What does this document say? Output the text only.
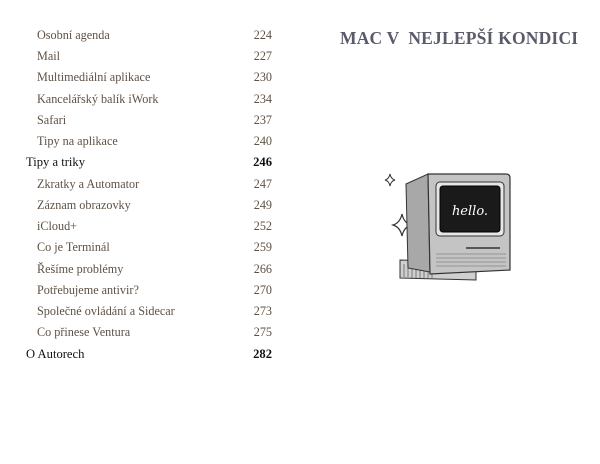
Osobní agenda	224
Mail	227
Multimediální aplikace	230
Kancelářský balík iWork	234
Safari	237
Tipy na aplikace	240
Tipy a triky	246
Zkratky a Automator	247
Záznam obrazovky	249
iCloud+	252
Co je Terminál	259
Řešíme problémy	266
Potřebujeme antivir?	270
Společné ovládání a Sidecar	273
Co přinese Ventura	275
O Autorech	282
MAC V  NEJLEPŠÍ KONDICI
hello.
